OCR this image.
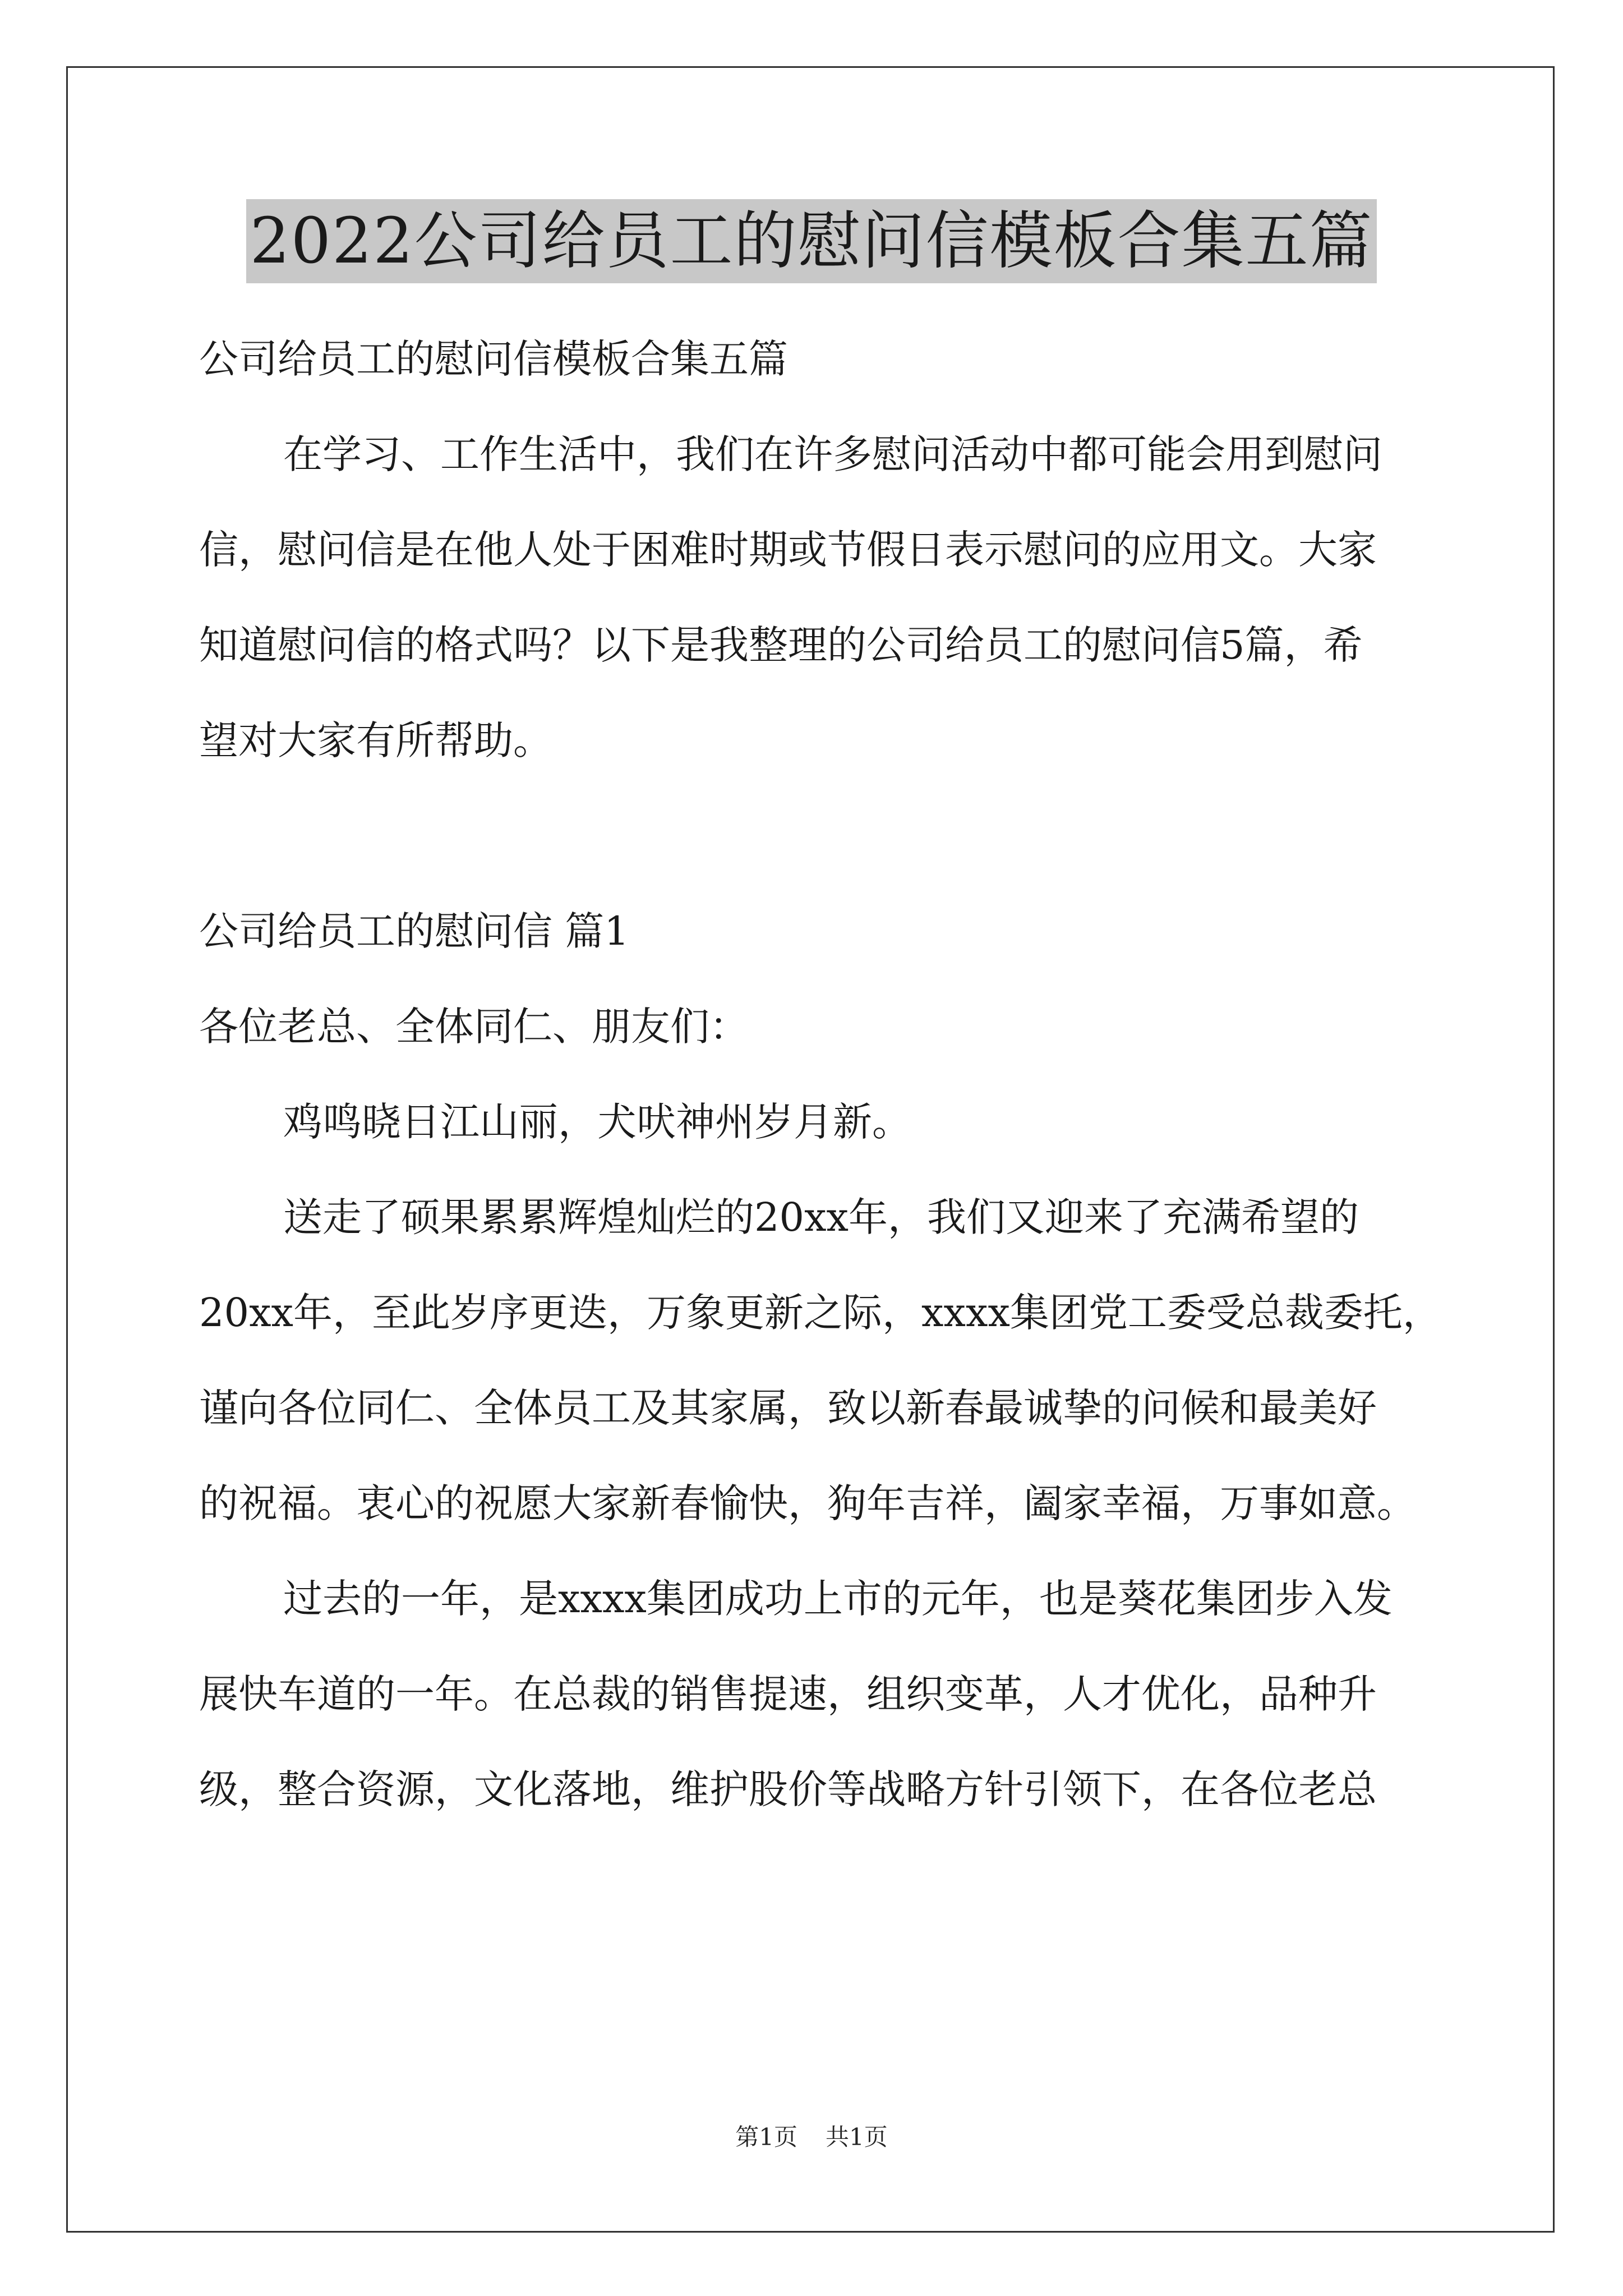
2022公司给员工的慰问信模板合集五篇

公司给员工的慰问信模板合集五篇

在学习、工作生活中，我们在许多慰问活动中都可能会用到慰问

信，慰问信是在他人处于困难时期或节假日表示慰问的应用文。大家

知道慰问信的格式吗？以下是我整理的公司给员工的慰问信5篇，希

望对大家有所帮助。

公司给员工的慰问信 篇1

各位老总、全体同仁、朋友们：

鸡鸣晓日江山丽，犬吠神州岁月新。

送走了硕果累累辉煌灿烂的20xx年，我们又迎来了充满希望的

20xx年，至此岁序更迭，万象更新之际，xxxx集团党工委受总裁委托，

谨向各位同仁、全体员工及其家属，致以新春最诚挚的问候和最美好

的祝福。衷心的祝愿大家新春愉快，狗年吉祥，阖家幸福，万事如意。

过去的一年，是xxxx集团成功上市的元年，也是葵花集团步入发

展快车道的一年。在总裁的销售提速，组织变革，人才优化，品种升

级，整合资源，文化落地，维护股价等战略方针引领下，在各位老总

第1页 共1页
